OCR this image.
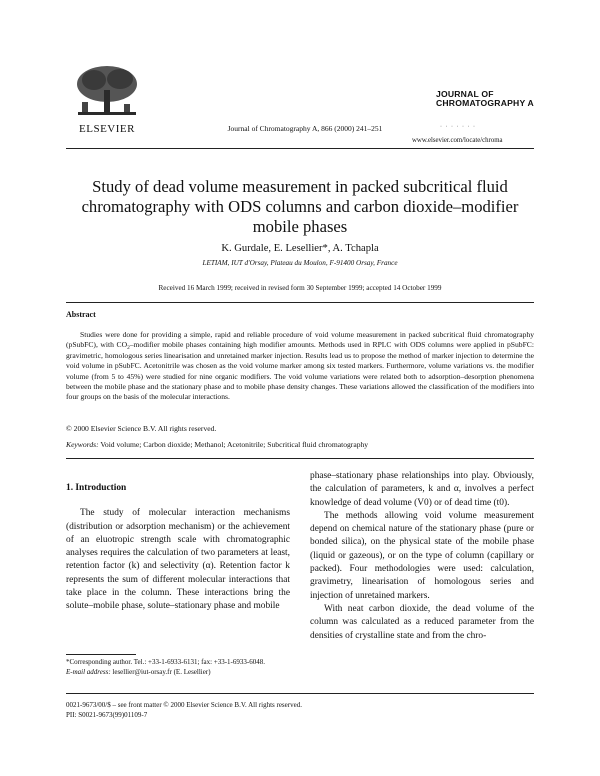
ELSEVIER	Journal of Chromatography A, 866 (2000) 241–251
JOURNAL OF
CHROMATOGRAPHY A
· · · · · · ·
www.elsevier.com/locate/chroma
Study of dead volume measurement in packed subcritical fluid chromatography with ODS columns and carbon dioxide–modifier mobile phases
K. Gurdale, E. Lesellier*, A. Tchapla
LETIAM, IUT d'Orsay, Plateau du Moulon, F-91400 Orsay, France
Received 16 March 1999; received in revised form 30 September 1999; accepted 14 October 1999
Abstract
Studies were done for providing a simple, rapid and reliable procedure of void volume measurement in packed subcritical fluid chromatography (pSubFC), with $CO_2$–modifier mobile phases containing high modifier amounts. Methods used in RPLC with ODS columns were applied in pSubFC: gravimetric, homologous series linearisation and unretained marker injection. Results lead us to propose the method of marker injection to determine the void volume in pSubFC. Acetonitrile was chosen as the void volume marker among six tested markers. Furthermore, volume variations vs. the modifier volume (from 5 to 45%) were studied for nine organic modifiers. The void volume variations were related both to adsorption–desorption phenomena between the mobile phase and the stationary phase and to mobile phase density changes. These variations allowed the classification of the modifiers into four groups on the basis of the molecular interactions.
© 2000 Elsevier Science B.V. All rights reserved.
Keywords: Void volume; Carbon dioxide; Methanol; Acetonitrile; Subcritical fluid chromatography
1. Introduction

The study of molecular interaction mechanisms (distribution or adsorption mechanism) or the achievement of an eluotropic strength scale with chromatographic analyses requires the calculation of two parameters at least, retention factor (k) and selectivity (α). Retention factor k represents the sum of different molecular interactions that take place in the column. These interactions bring the solute–mobile phase, solute–stationary phase and mobile

phase–stationary phase relationships into play. Obviously, the calculation of parameters, k and α, involves a perfect knowledge of dead volume (V0) or of dead time (t0).

The methods allowing void volume measurement depend on chemical nature of the stationary phase (pure or bonded silica), on the physical state of the mobile phase (liquid or gazeous), or on the type of column (capillary or packed). Four methodologies were used: calculation, gravimetry, linearisation of homologous series and injection of unretained markers.

With neat carbon dioxide, the dead volume of the column was calculated as a reduced parameter from the densities of crystalline state and from the chro-

*Corresponding author. Tel.: +33-1-6933-6131; fax: +33-1-6933-6048.
E-mail address: lesellier@iut-orsay.fr (E. Lesellier)
0021-9673/00/$ – see front matter © 2000 Elsevier Science B.V. All rights reserved.
PII: S0021-9673(99)01109-7
